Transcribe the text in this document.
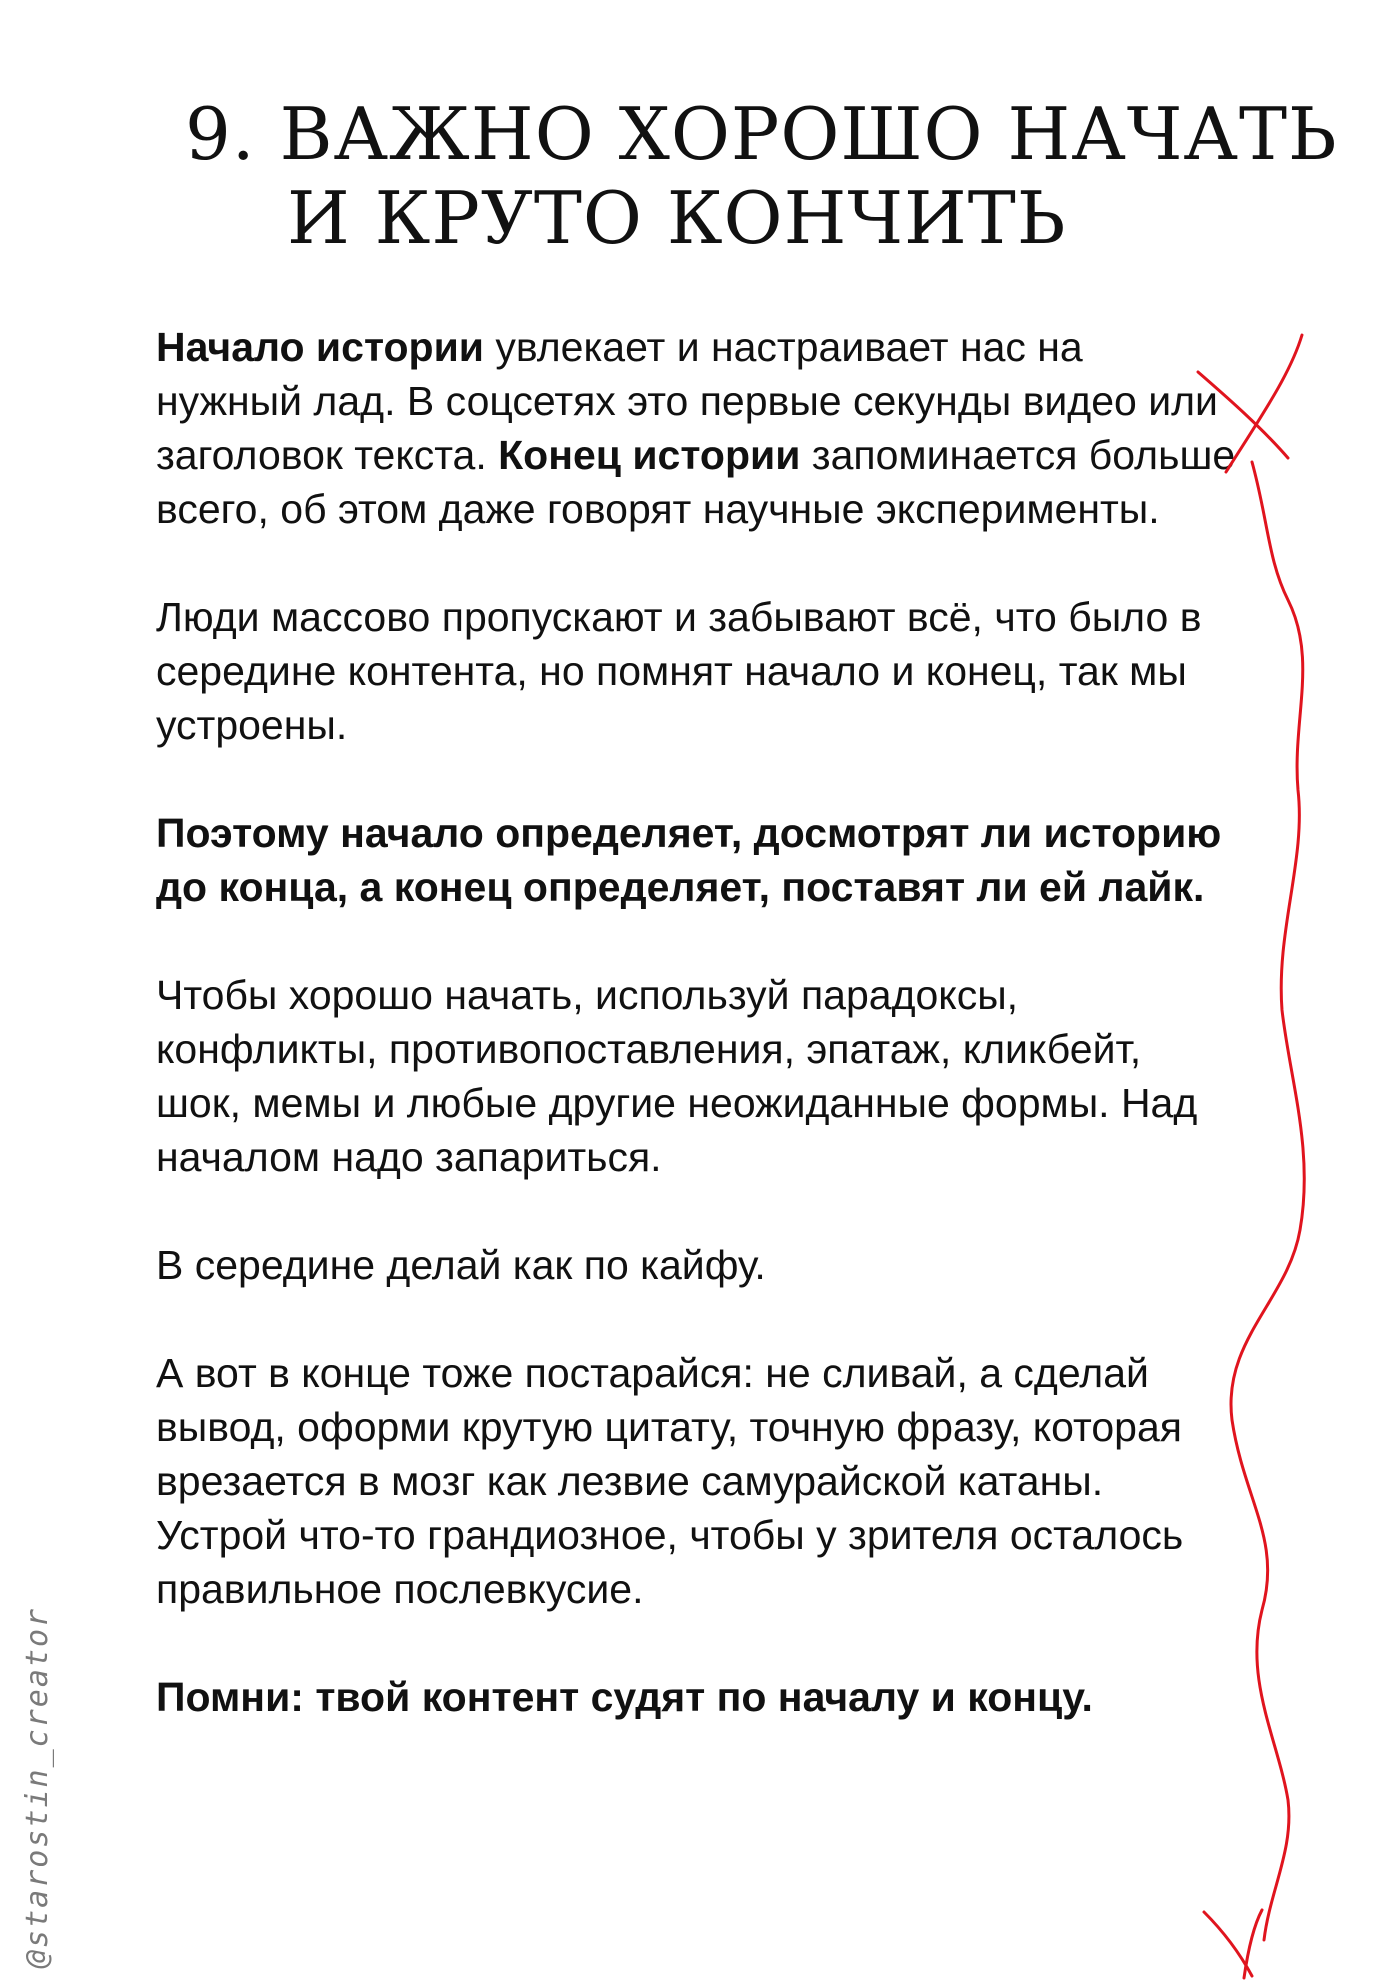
9. ВАЖНО ХОРОШО НАЧАТЬ
И КРУТО КОНЧИТЬ

Начало истории увлекает и настраивает нас на нужный лад. В соцсетях это первые секунды видео или заголовок текста. Конец истории запоминается больше всего, об этом даже говорят научные эксперименты.

Люди массово пропускают и забывают всё, что было в середине контента, но помнят начало и конец, так мы устроены.

Поэтому начало определяет, досмотрят ли историю до конца, а конец определяет, поставят ли ей лайк.

Чтобы хорошо начать, используй парадоксы, конфликты, противопоставления, эпатаж, кликбейт, шок, мемы и любые другие неожиданные формы. Над началом надо запариться.

В середине делай как по кайфу.

А вот в конце тоже постарайся: не сливай, а сделай вывод, оформи крутую цитату, точную фразу, которая врезается в мозг как лезвие самурайской катаны. Устрой что-то грандиозное, чтобы у зрителя осталось правильное послевкусие.

Помни: твой контент судят по началу и концу.

@starostin_creator
